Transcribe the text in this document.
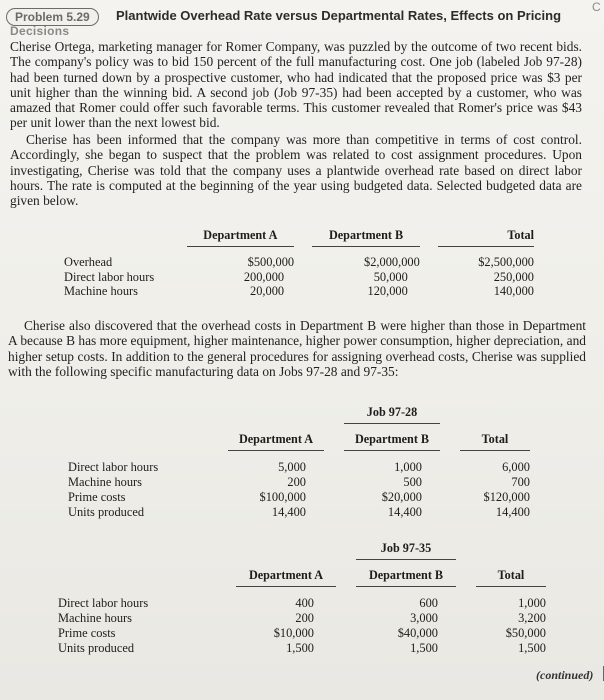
Problem 5.29	Plantwide Overhead Rate versus Departmental Rates, Effects on Pricing
C
Decisions

Cherise Ortega, marketing manager for Romer Company, was puzzled by the outcome of two recent bids. The company's policy was to bid 150 percent of the full manufacturing cost. One job (labeled Job 97-28) had been turned down by a prospective customer, who had indicated that the proposed price was $3 per unit higher than the winning bid. A second job (Job 97-35) had been accepted by a customer, who was amazed that Romer could offer such favorable terms. This customer revealed that Romer's price was $43 per unit lower than the next lowest bid.

Cherise has been informed that the company was more than competitive in terms of cost control. Accordingly, she began to suspect that the problem was related to cost assignment procedures. Upon investigating, Cherise was told that the company uses a plantwide overhead rate based on direct labor hours. The rate is computed at the beginning of the year using budgeted data. Selected budgeted data are given below.

	Department A		Department B		Total

Overhead	$500,000		$2,000,000		$2,500,000
Direct labor hours	200,000		50,000		250,000
Machine hours	20,000		120,000		140,000

Cherise also discovered that the overhead costs in Department B were higher than those in Department A because B has more equipment, higher maintenance, higher power consumption, higher depreciation, and higher setup costs. In addition to the general procedures for assigning overhead costs, Cherise was supplied with the following specific manufacturing data on Jobs 97-28 and 97-35:

			Job 97-28		
	Department A		Department B		Total

Direct labor hours	5,000		1,000		6,000
Machine hours	200		500		700
Prime costs	$100,000		$20,000		$120,000
Units produced	14,400		14,400		14,400
			Job 97-35		
	Department A		Department B		Total

Direct labor hours	400		600		1,000
Machine hours	200		3,000		3,200
Prime costs	$10,000		$40,000		$50,000
Units produced	1,500		1,500		1,500
(continued)
